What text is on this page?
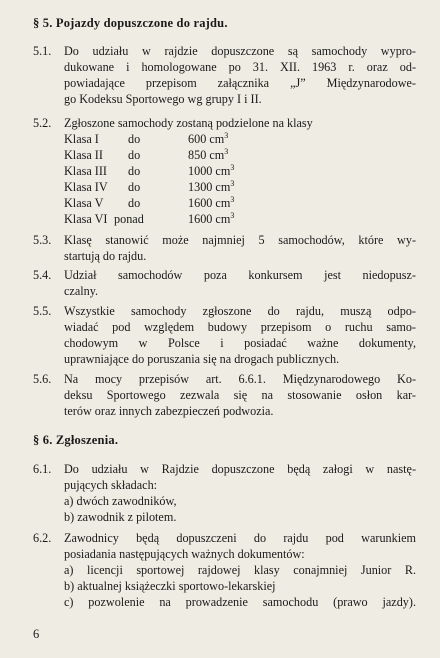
§ 5. Pojazdy dopuszczone do rajdu.
5.1. Do udziału w rajdzie dopuszczone są samochody wypro-
dukowane i homologowane po 31. XII. 1963 r. oraz od-
powiadające przepisom załącznika „J” Międzynarodowe-
go Kodeksu Sportowego wg grupy I i II.
5.2. Zgłoszone samochody zostaną podzielone na klasy
Klasa I do	600 $cm^3$
Klasa II do	850 $cm^3$
Klasa III do	1000 $cm^3$
Klasa IV do	1300 $cm^3$
Klasa V do	1600 $cm^3$
Klasa VI ponad	1600 $cm^3$
5.3. Klasę stanowić może najmniej 5 samochodów, które wy-
startują do rajdu.
5.4. Udział samochodów poza konkursem jest niedopusz-
czalny.
5.5. Wszystkie samochody zgłoszone do rajdu, muszą odpo-
wiadać pod względem budowy przepisom o ruchu samo-
chodowym w Polsce i posiadać ważne dokumenty,
uprawniające do poruszania się na drogach publicznych.
5.6. Na mocy przepisów art. 6.6.1. Międzynarodowego Ko-
deksu Sportowego zezwala się na stosowanie osłon kar-
terów oraz innych zabezpieczeń podwozia.
§ 6. Zgłoszenia.
6.1. Do udziału w Rajdzie dopuszczone będą załogi w nastę-
pujących składach:
a) dwóch zawodników,
b) zawodnik z pilotem.
6.2. Zawodnicy będą dopuszczeni do rajdu pod warunkiem
posiadania następujących ważnych dokumentów:
a) licencji sportowej rajdowej klasy conajmniej Junior R.
b) aktualnej książeczki sportowo-lekarskiej
c) pozwolenie na prowadzenie samochodu (prawo jazdy).
6
